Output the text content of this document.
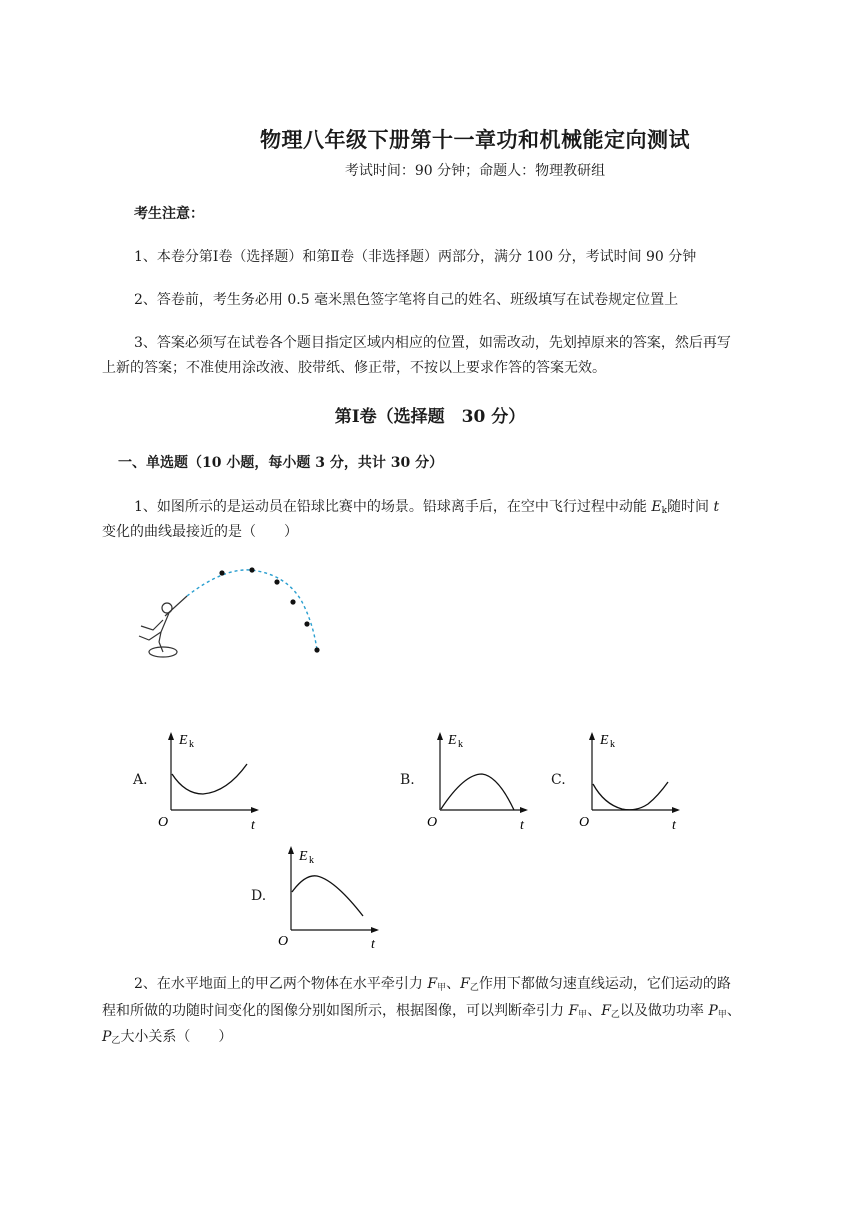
物理八年级下册第十一章功和机械能定向测试
考试时间：90 分钟；命题人：物理教研组
考生注意：
1、本卷分第Ⅰ卷（选择题）和第Ⅱ卷（非选择题）两部分，满分 100 分，考试时间 90 分钟
2、答卷前，考生务必用 0.5 毫米黑色签字笔将自己的姓名、班级填写在试卷规定位置上
3、答案必须写在试卷各个题目指定区域内相应的位置，如需改动，先划掉原来的答案，然后再写
上新的答案；不准使用涂改液、胶带纸、修正带，不按以上要求作答的答案无效。
第Ⅰ卷（选择题　30 分）
一、单选题（10 小题，每小题 3 分，共计 30 分）
1、如图所示的是运动员在铅球比赛中的场景。铅球离手后，在空中飞行过程中动能 $E_k$随时间 t
变化的曲线最接近的是（　　）
A.
E k
O	t
B.
E k
O	t
C.
E k
O	t
D.
E k
O	t
2、在水平地面上的甲乙两个物体在水平牵引力 $F_甲$、$F_乙$作用下都做匀速直线运动，它们运动的路
程和所做的功随时间变化的图像分别如图所示，根据图像，可以判断牵引力 $F_甲$、$F_乙$以及做功功率 $P_甲$、
$P_乙$大小关系（　　）
